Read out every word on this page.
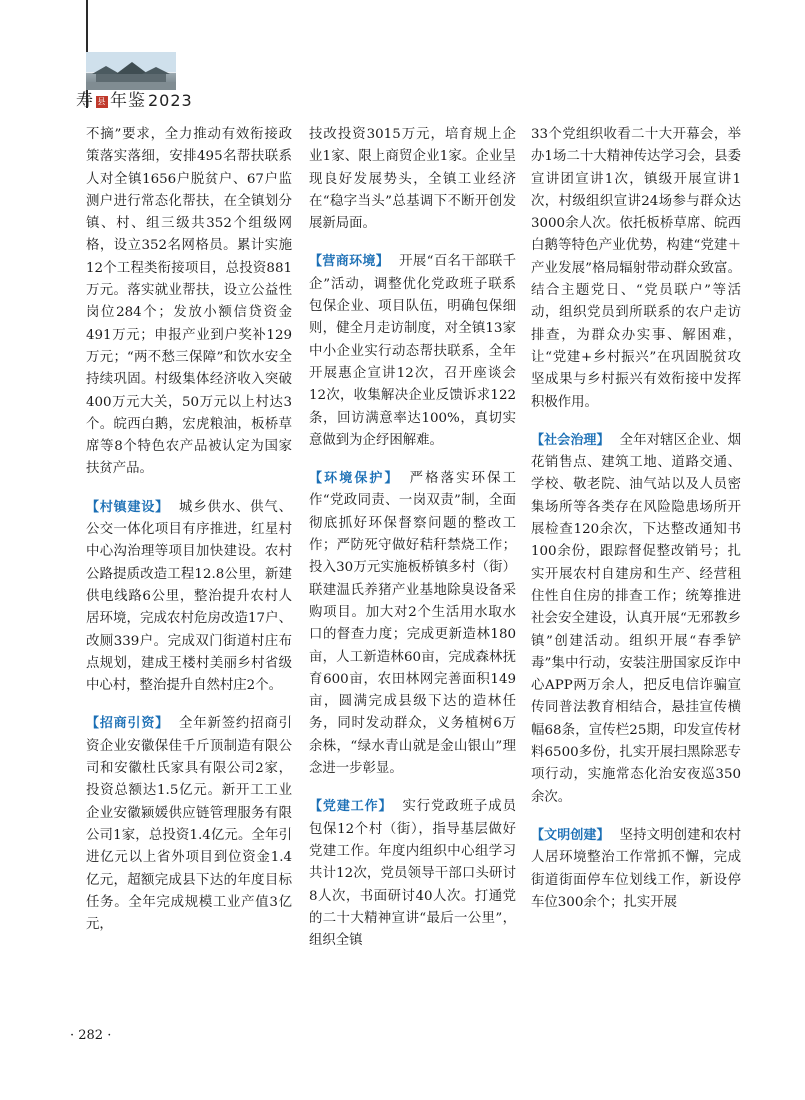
寿 县 年鉴 2023

不摘”要求，全力推动有效衔接政策落实落细，安排495名帮扶联系人对全镇1656户脱贫户、67户监测户进行常态化帮扶，在全镇划分镇、村、组三级共352个组级网格，设立352名网格员。累计实施12个工程类衔接项目，总投资881万元。落实就业帮扶，设立公益性岗位284个；发放小额信贷资金491万元；申报产业到户奖补129万元；“两不愁三保障”和饮水安全持续巩固。村级集体经济收入突破400万元大关，50万元以上村达3个。皖西白鹅，宏虎粮油，板桥草席等8个特色农产品被认定为国家扶贫产品。

【村镇建设】 城乡供水、供气、公交一体化项目有序推进，红星村中心沟治理等项目加快建设。农村公路提质改造工程12.8公里，新建供电线路6公里，整治提升农村人居环境，完成农村危房改造17户、改厕339户。完成双门街道村庄布点规划，建成王楼村美丽乡村省级中心村，整治提升自然村庄2个。

【招商引资】 全年新签约招商引资企业安徽保佳千斤顶制造有限公司和安徽杜氏家具有限公司2家，投资总额达1.5亿元。新开工工业企业安徽颍媛供应链管理服务有限公司1家，总投资1.4亿元。全年引进亿元以上省外项目到位资金1.4亿元，超额完成县下达的年度目标任务。全年完成规模工业产值3亿元，

技改投资3015万元，培育规上企业1家、限上商贸企业1家。企业呈现良好发展势头，全镇工业经济在“稳字当头”总基调下不断开创发展新局面。

【营商环境】 开展“百名干部联千企”活动，调整优化党政班子联系包保企业、项目队伍，明确包保细则，健全月走访制度，对全镇13家中小企业实行动态帮扶联系，全年开展惠企宣讲12次，召开座谈会12次，收集解决企业反馈诉求122条，回访满意率达100%，真切实意做到为企纾困解难。

【环境保护】 严格落实环保工作“党政同责、一岗双责”制，全面彻底抓好环保督察问题的整改工作；严防死守做好秸秆禁烧工作；投入30万元实施板桥镇多村（街）联建温氏养猪产业基地除臭设备采购项目。加大对2个生活用水取水口的督查力度；完成更新造林180亩，人工新造林60亩，完成森林抚育600亩，农田林网完善面积149亩，圆满完成县级下达的造林任务，同时发动群众，义务植树6万余株，“绿水青山就是金山银山”理念进一步彰显。

【党建工作】 实行党政班子成员包保12个村（街），指导基层做好党建工作。年度内组织中心组学习共计12次，党员领导干部口头研讨8人次，书面研讨40人次。打通党的二十大精神宣讲“最后一公里”，组织全镇

33个党组织收看二十大开幕会，举办1场二十大精神传达学习会，县委宣讲团宣讲1次，镇级开展宣讲1次，村级组织宣讲24场参与群众达3000余人次。依托板桥草席、皖西白鹅等特色产业优势，构建“党建＋产业发展”格局辐射带动群众致富。结合主题党日、“党员联户”等活动，组织党员到所联系的农户走访排查，为群众办实事、解困难，让“党建+乡村振兴”在巩固脱贫攻坚成果与乡村振兴有效衔接中发挥积极作用。

【社会治理】 全年对辖区企业、烟花销售点、建筑工地、道路交通、学校、敬老院、油气站以及人员密集场所等各类存在风险隐患场所开展检查120余次，下达整改通知书100余份，跟踪督促整改销号；扎实开展农村自建房和生产、经营租住性自住房的排查工作；统筹推进社会安全建设，认真开展“无邪教乡镇”创建活动。组织开展“春季铲毒”集中行动，安装注册国家反诈中心APP两万余人，把反电信诈骗宣传同普法教育相结合，悬挂宣传横幅68条，宣传栏25期，印发宣传材料6500多份，扎实开展扫黑除恶专项行动，实施常态化治安夜巡350余次。

【文明创建】 坚持文明创建和农村人居环境整治工作常抓不懈，完成街道街面停车位划线工作，新设停车位300余个；扎实开展

· 282 ·
